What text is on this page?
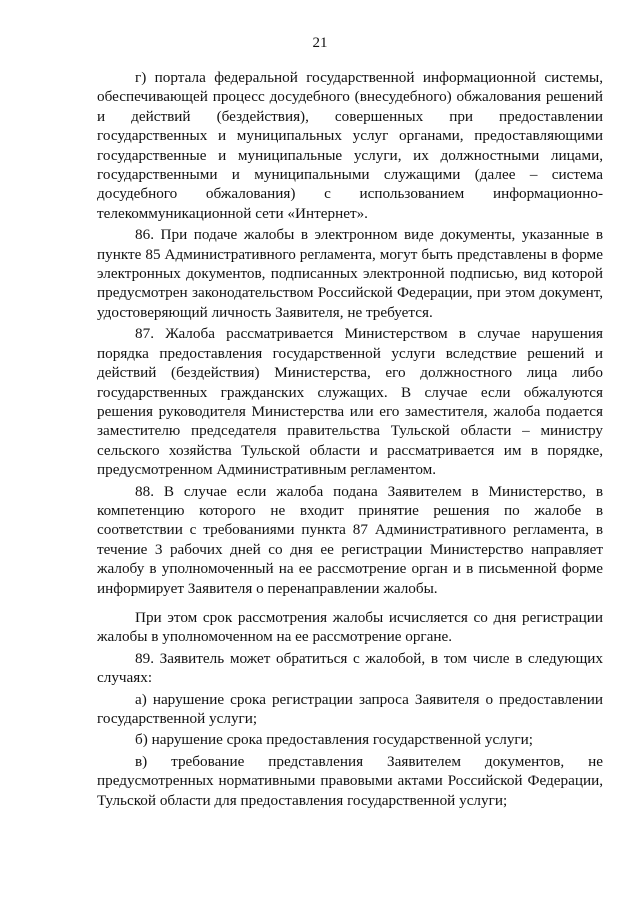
21

г) портала федеральной государственной информационной системы, обеспечивающей процесс досудебного (внесудебного) обжалования решений и действий (бездействия), совершенных при предоставлении государственных и муниципальных услуг органами, предоставляющими государственные и муниципальные услуги, их должностными лицами, государственными и муниципальными служащими (далее – система досудебного обжалования) с использованием информационно-телекоммуникационной сети «Интернет».

86. При подаче жалобы в электронном виде документы, указанные в пункте 85 Административного регламента, могут быть представлены в форме электронных документов, подписанных электронной подписью, вид которой предусмотрен законодательством Российской Федерации, при этом документ, удостоверяющий личность Заявителя, не требуется.

87. Жалоба рассматривается Министерством в случае нарушения порядка предоставления государственной услуги вследствие решений и действий (бездействия) Министерства, его должностного лица либо государственных гражданских служащих. В случае если обжалуются решения руководителя Министерства или его заместителя, жалоба подается заместителю председателя правительства Тульской области – министру сельского хозяйства Тульской области и рассматривается им в порядке, предусмотренном Административным регламентом.

88. В случае если жалоба подана Заявителем в Министерство, в компетенцию которого не входит принятие решения по жалобе в соответствии с требованиями пункта 87 Административного регламента, в течение 3 рабочих дней со дня ее регистрации Министерство направляет жалобу в уполномоченный на ее рассмотрение орган и в письменной форме информирует Заявителя о перенаправлении жалобы.

При этом срок рассмотрения жалобы исчисляется со дня регистрации жалобы в уполномоченном на ее рассмотрение органе.

89. Заявитель может обратиться с жалобой, в том числе в следующих случаях:

а) нарушение срока регистрации запроса Заявителя о предоставлении государственной услуги;

б) нарушение срока предоставления государственной услуги;

в) требование представления Заявителем документов, не предусмотренных нормативными правовыми актами Российской Федерации, Тульской области для предоставления государственной услуги;
